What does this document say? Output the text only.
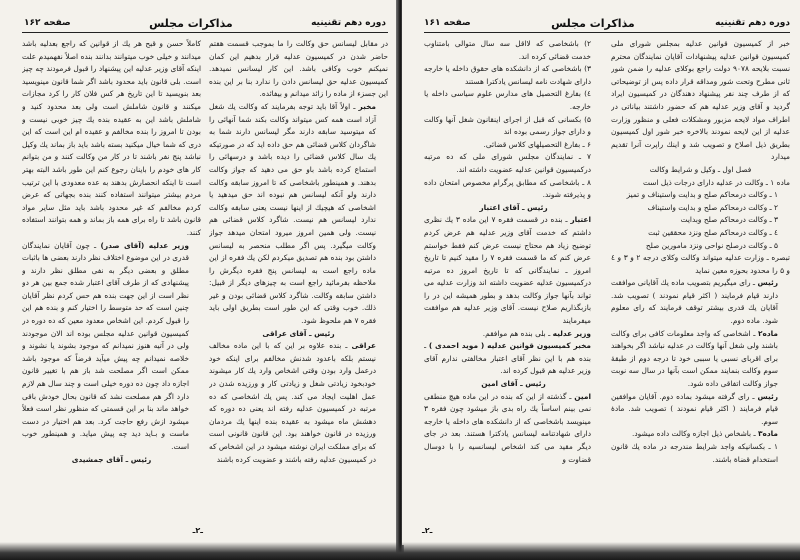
دوره دهم تقنینیه
مذاکرات مجلس
صفحه ۱۶۲

در مقابل لیسانس حق وکالت را ما بموجب قسمت هفتم حاضر شدن در کمیسیون عدلیه قرار بدهیم این کمان نمیکنم خوب وکافی باشد. این کار لیسانس نمیدهد. کمیسیون عدلیه حق لیسانس دادن را ندارد بنا بر این بنده این جسزء از ماده را زائد میدانم و بیفائده.

مخبر ـ اولاً آقا باید توجه بفرمایند که وکالت یك شغل آزاد است همه کس میتواند وکالت بکند شما آنهائی را که میتوسید سابقه دارند مگر لیسانس دارند شما به شاگردان کلاس قضائی هم حق داده اید که در صورتیکه یك سال کلاس قضائی را دیده باشد و درسهائی را استماع کرده باشد باو حق می دهید که جواز وکالت بدهند. و همینطور باشخاصی که تا امروز سابقه وکالت دارند ولو آنکه لیسانس هم نبوده اند حق میدهید یا اشخاصی که هیچیك از اینها نیست یعنی سابقه وکالت ندارد لیسانس هم نیست. شاگرد کلاس قضائی هم نیست. ولی همین امروز میرود امتحان میدهد جواز وکالت میگیرد. پس اگر مطلب منحصر به لیسانس داشتن بود بنده هم تصدیق میکردم لکن یك فقره از این ماده راجع است به لیسانس پنج فقره دیگرش را ملاحظه بفرمائید راجع است به چیزهای دیگر از قبیل: داشتن سابقه وکالت. شاگرد کلاس قضائی بودن و غیر ذلك. خوب وقتی که این طور است بطریق اولی باید فقره ۷ هم ملحوظ شود.

رئیس ـ آقای عراقی

عراقی ـ بنده علاوه بر این که با این ماده مخالف نیستم بلکه باعدود شدنش مخالفم برای اینکه خود درعمل وارد بودن وقتی اشخاص وارد یك کار میشوند خودبخود زیادتی شغل و زیادتی کار و ورزیده شدن در عمل اهلیت ایجاد می کند. پس یك اشخاصی که ده مرتبه در کمیسیون عدلیه رفته اند یعنی ده دوره که دهشش ماه میشود به عقیده بنده اینها یك مردمان ورزیده در قانون خواهند بود. این قانون قانونی است که برای مملکت ایران نوشته میشود در این اشخاص که در کمیسیون عدلیه رفته باشند و عضویت کرده باشند

کاملاً حسن و قبح هر یك از قوانین که راجع بعدلیه باشد میدانند و خیلی خوب میتوانند بدانند بنده اصلاً نفهمیدم علت اینکه آقای وزیر عدلیه این پیشنهاد را قبول فرمودند چه چیز است. بلی قانون باید محدود باشد اگر شما قانون مینویسید بعد بنویسید تا این تاریخ هر کس فلان کار را کرد مجازات میکنند و قانون شاملش است ولی بعد محدود کنید و شاملش باشد این به عقیده بنده یك چیز خوبی نیست و بودن تا امروز را بنده مخالفم و عقیده ام این است که این دری که شما خیال میکنید بسته باشد باید باز بماند یك وکیل نباشد پنج نفر باشند تا در کار من وکالت کنند و من بتوانم کار های خودم را باینان رجوع کنم این طور باشد البته بهتر است تا اینکه انحصارش بدهند به عده معدودی با این ترتیب مردم بیشتر میتوانند استفاده کنند بنده بجهاتی که عرض کردم مخالفم که غیر محدود باشد باید مثل سایر مواد قانون باشد تا راه برای همه باز بماند و همه بتوانند استفاده کنند.

وزیر عدلیه (آقای صدر) ـ چون آقایان نمایندگان قدری در این موضوع اختلاف نظر دارند بعضی ها باثبات مطلق و بعضی دیگر به نفی مطلق نظر دارند و پیشنهادی که از طرف آقای اعتبار شده جمع بین هر دو نظر است از این جهت بنده هم حس کردم نظر آقایان چنین است که حد متوسط را اختیار کنم و بنده هم این را قبول کردم. این اشخاص معدود معین که ده دوره در کمیسیون قوانین عدلیه مجلس بوده اند الان موجودند ولی در آتیه هنوز نمیدانم که موجود بشوند یا نشوند و خلاصه نمیدانم چه پیش میآید فرضاً که موجود باشد ممکن است اگر مصلحت شد باز هم با تغییر قانون اجازه داد چون ده دوره خیلی است و چند سال هم لازم دارد اگر هم مصلحت نشد که قانون بحال خودش باقی خواهد ماند بنا بر این قسمتی که منظور نظر است فعلاً میشود ازش رفع حاجت کرد. بعد هم اختیار در دست ماست و بـاید دید چه پیش میاید. و همینطور خوب است.

رئیس ـ آقای جمشیدی

ـ۲ـ
دوره دهم تقنینیه
مذاکرات مجلس
صفحه ۱۶۱

خبر از کمیسیون قوانین عدلیه بمجلس شورای ملی کمیسیون قوانین عدلیه پیشنهادات آقایان نمایندگان محترم نسبت بلایحه ۹۰۷۸ دولت راجع بوکلای عدلیه را ضمن شور ثانی مطرح وتحت شور ومداقه قرار داده پس از توضیحاتی که از طرف چند نفر پیشنهاد دهندگان در کمیسیون ایراد گردید و آقای وزیر عدلیه هم که حضور داشتند بیاناتی در اطراف مواد لایحه مزبور ومشکلات فعلی و منظور وزارت عدلیه از این لایحه نمودند بالاخره خبر شور اول کمیسیون بطریق ذیل اصلاح و تصویب شد و اینك راپرت آنرا تقدیم میدارد

فصل اول ـ وکیل و شرایط وکالت

ماده ۱ ـ وکالت در عدلیه دارای درجات ذیل است

۱ ـ وکالت درمحاکم صلح و بدایت واستیناف و تمیز

۲ ـ وکالت درمحاکم صلح و بدایت واستیناف

۳ ـ وکالت درمحاکم صلح وبدایت

٤ ـ وکالت درمحاکم صلح ونزد محققین ثبت

۵ ـ وکالت درصلح نواحی ونزد مامورین صلح

تبصره ـ وزارت عدلیه میتواند وکالت وکلای درجه ۲ و ۳ و ٤ و ۵ را محدود بحوزه معین نماید

رئیس ـ رای میگیریم بتصویب ماده یك آقایانی موافقت دارند قیام فرمایند ( اکثر قیام نمودند ) تصویب شد. آقایان یك قدری بیشتر توقف فرمایند که رای معلوم شود. ماده دوم.

ماده۲ ـ اشخاصی که واجد معلومات کافی برای وکالت باشند ولی شغل آنها وکالت در عدلیه نباشد اگر بخواهند برای اقربای نسبی یا سببی خود تا درجه دوم از طبقهٔ سوم وکالت بنمایند ممکن است بآنها در سال سه نوبت جواز وکالت اتفاقی داده شود.

رئیس ـ رای گرفته میشود بماده دوم. آقایان موافقین قیام فرمایند ( اکثر قیام نمودند ) تصویب شد. مادهٔ سوم.

ماده۳ ـ باشخاص ذیل اجازه وکالت داده میشود.

۱ ـ بکسانیکه واجد شرایط مندرجه در ماده یك قانون استخدام قضاة باشند.

۲) باشخاصی که لااقل سه سال متوالی بامتناوب خدمت قضائی کرده اند.

۳) باشخاصی که از دانشکده های حقوق داخله یا خارجه دارای شهادت نامه لیسانس یادکترا هستند

٤) بفارغ التحصیل های مدارس علوم سیاسی داخله یا خارجه.

۵) بکسانی که قبل از اجرای اینقانون شغل آنها وکالت و دارای جواز رسمی بوده اند

۶ ـ بفارغ التحصیلهای کلاس قضائی.

۷ ـ نمایندگان مجلس شورای ملی که ده مرتبه درکمیسیون قوانین عدلیه عضویت داشته اند.

۸ ـ باشخاصی که مطابق پرگرام مخصوص امتحان داده و پذیرفته شوند.

رئیس ـ آقای اعتبار

اعتبار ـ بنده در قسمت فقره ۷ این ماده ۳ یك نظری داشتم که خدمت آقای وزیر عدلیه هم عرض کردم توضیح زیاد هم محتاج نیست عرض کنم فقط خواستم عرض کنم که ما قسمت فقره ۷ را مقید کنیم تا تاریخ امروز ـ نمایندگانی که تا تاریخ امروز ده مرتبه درکمیسیون عدلیه عضویت داشته اند وزارت عدلیه می تواند بآنها جواز وکالت بدهد و بطور همیشه این در را بازبگذاریم صلاح نیست. آقای وزیر عدلیه هم موافقت میفرمایند

وزیر عدلیه ـ بلی بنده هم موافقم.

مخبر کمیسیون قوانین عدلیه ( موید احمدی ) ـ بنده هم با این نظر آقای اعتبار مخالفتی ندارم آقای وزیر عدلیه هم قبول کرده اند.

رئیس ـ آقای امین

امین ـ گذشته از این که بنده در این ماده هیچ منطقی نمی بینم اساساً یك راه بدی باز میشود چون فقره ۳ مینویسد باشخاصی که از دانشکده های داخله یا خارجه دارای شهادتنامه لیسانس یادکترا هستند. بعد در جای دیگر مقید می کند اشخاص لیسانسیه را با دوسال قضاوت و

ـ۲ـ
